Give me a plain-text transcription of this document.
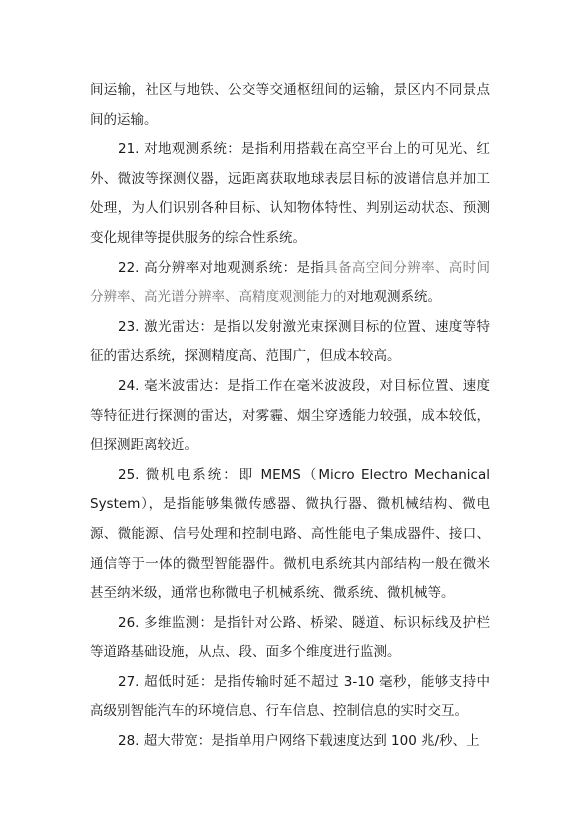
间运输，社区与地铁、公交等交通枢纽间的运输，景区内不同景点间的运输。

21. 对地观测系统：是指利用搭载在高空平台上的可见光、红外、微波等探测仪器，远距离获取地球表层目标的波谱信息并加工处理，为人们识别各种目标、认知物体特性、判别运动状态、预测变化规律等提供服务的综合性系统。

22. 高分辨率对地观测系统：是指具备高空间分辨率、高时间分辨率、高光谱分辨率、高精度观测能力的对地观测系统。

23. 激光雷达：是指以发射激光束探测目标的位置、速度等特征的雷达系统，探测精度高、范围广，但成本较高。

24. 毫米波雷达：是指工作在毫米波波段，对目标位置、速度等特征进行探测的雷达，对雾霾、烟尘穿透能力较强，成本较低，但探测距离较近。

25. 微机电系统：即 MEMS（Micro Electro Mechanical System），是指能够集微传感器、微执行器、微机械结构、微电源、微能源、信号处理和控制电路、高性能电子集成器件、接口、通信等于一体的微型智能器件。微机电系统其内部结构一般在微米甚至纳米级，通常也称微电子机械系统、微系统、微机械等。

26. 多维监测：是指针对公路、桥梁、隧道、标识标线及护栏等道路基础设施，从点、段、面多个维度进行监测。

27. 超低时延：是指传输时延不超过 3-10 毫秒，能够支持中高级别智能汽车的环境信息、行车信息、控制信息的实时交互。

28. 超大带宽：是指单用户网络下载速度达到 100 兆/秒、上
